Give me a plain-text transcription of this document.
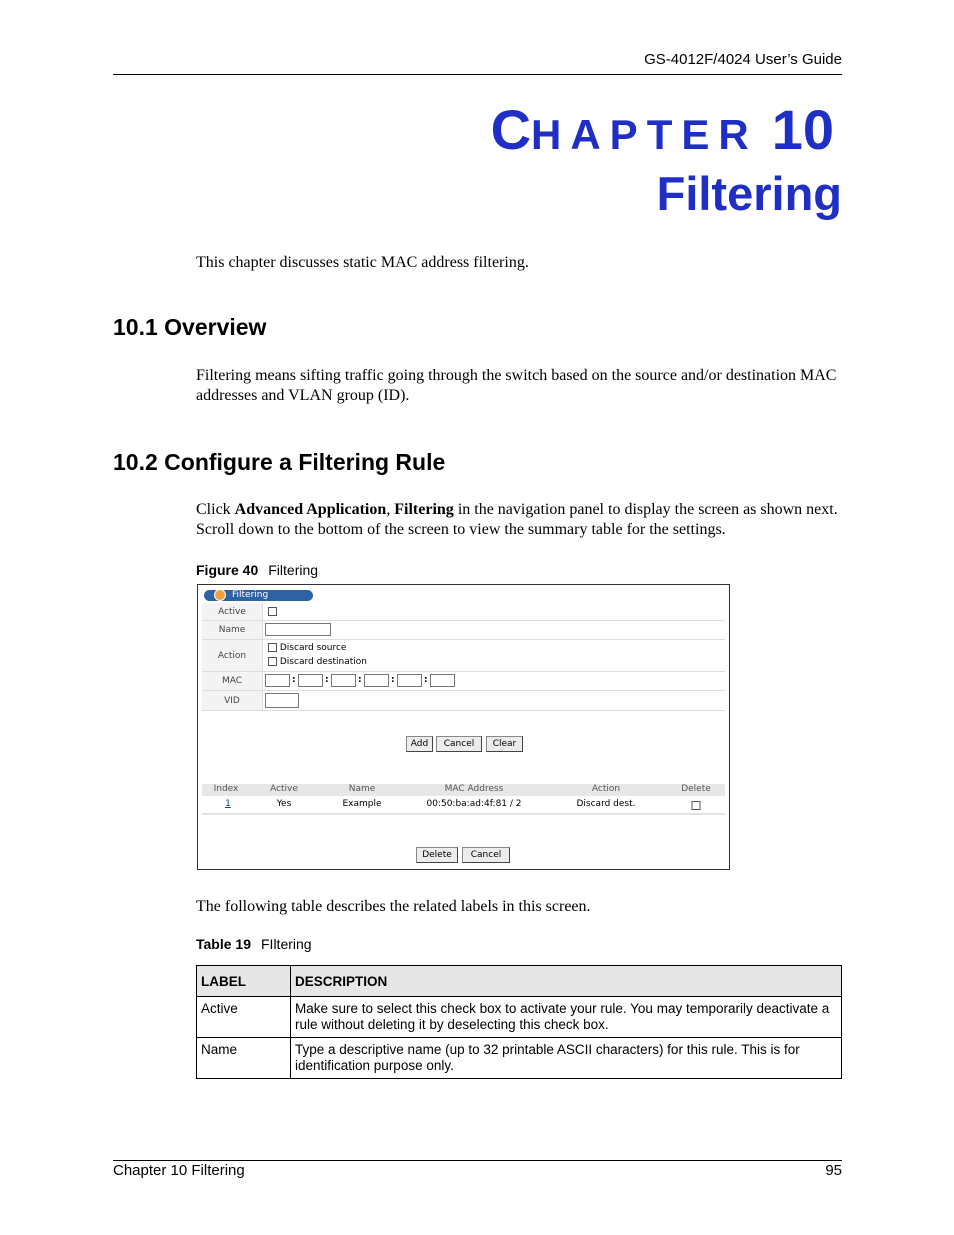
GS-4012F/4024 User’s Guide
CHAPTER 10
Filtering
This chapter discusses static MAC address filtering.
10.1 Overview
Filtering means sifting traffic going through the switch based on the source and/or destination MAC addresses and VLAN group (ID).
10.2 Configure a Filtering Rule
Click Advanced Application, Filtering in the navigation panel to display the screen as shown next. Scroll down to the bottom of the screen to view the summary table for the settings.
Figure 40 Filtering
Filtering
Active
Name
Action
Discard source
Discard destination
MAC	:	:	:	:	:
VID
Add	Cancel	Clear
Index	Active	Name	MAC Address	Action	Delete
1	Yes	Example	00:50:ba:ad:4f:81 / 2	Discard dest.
Delete	Cancel
The following table describes the related labels in this screen.
Table 19 FIltering
LABEL	DESCRIPTION
Active	Make sure to select this check box to activate your rule. You may temporarily deactivate a rule without deleting it by deselecting this check box.
Name	Type a descriptive name (up to 32 printable ASCII characters) for this rule. This is for identification purpose only.
Chapter 10 Filtering	95
